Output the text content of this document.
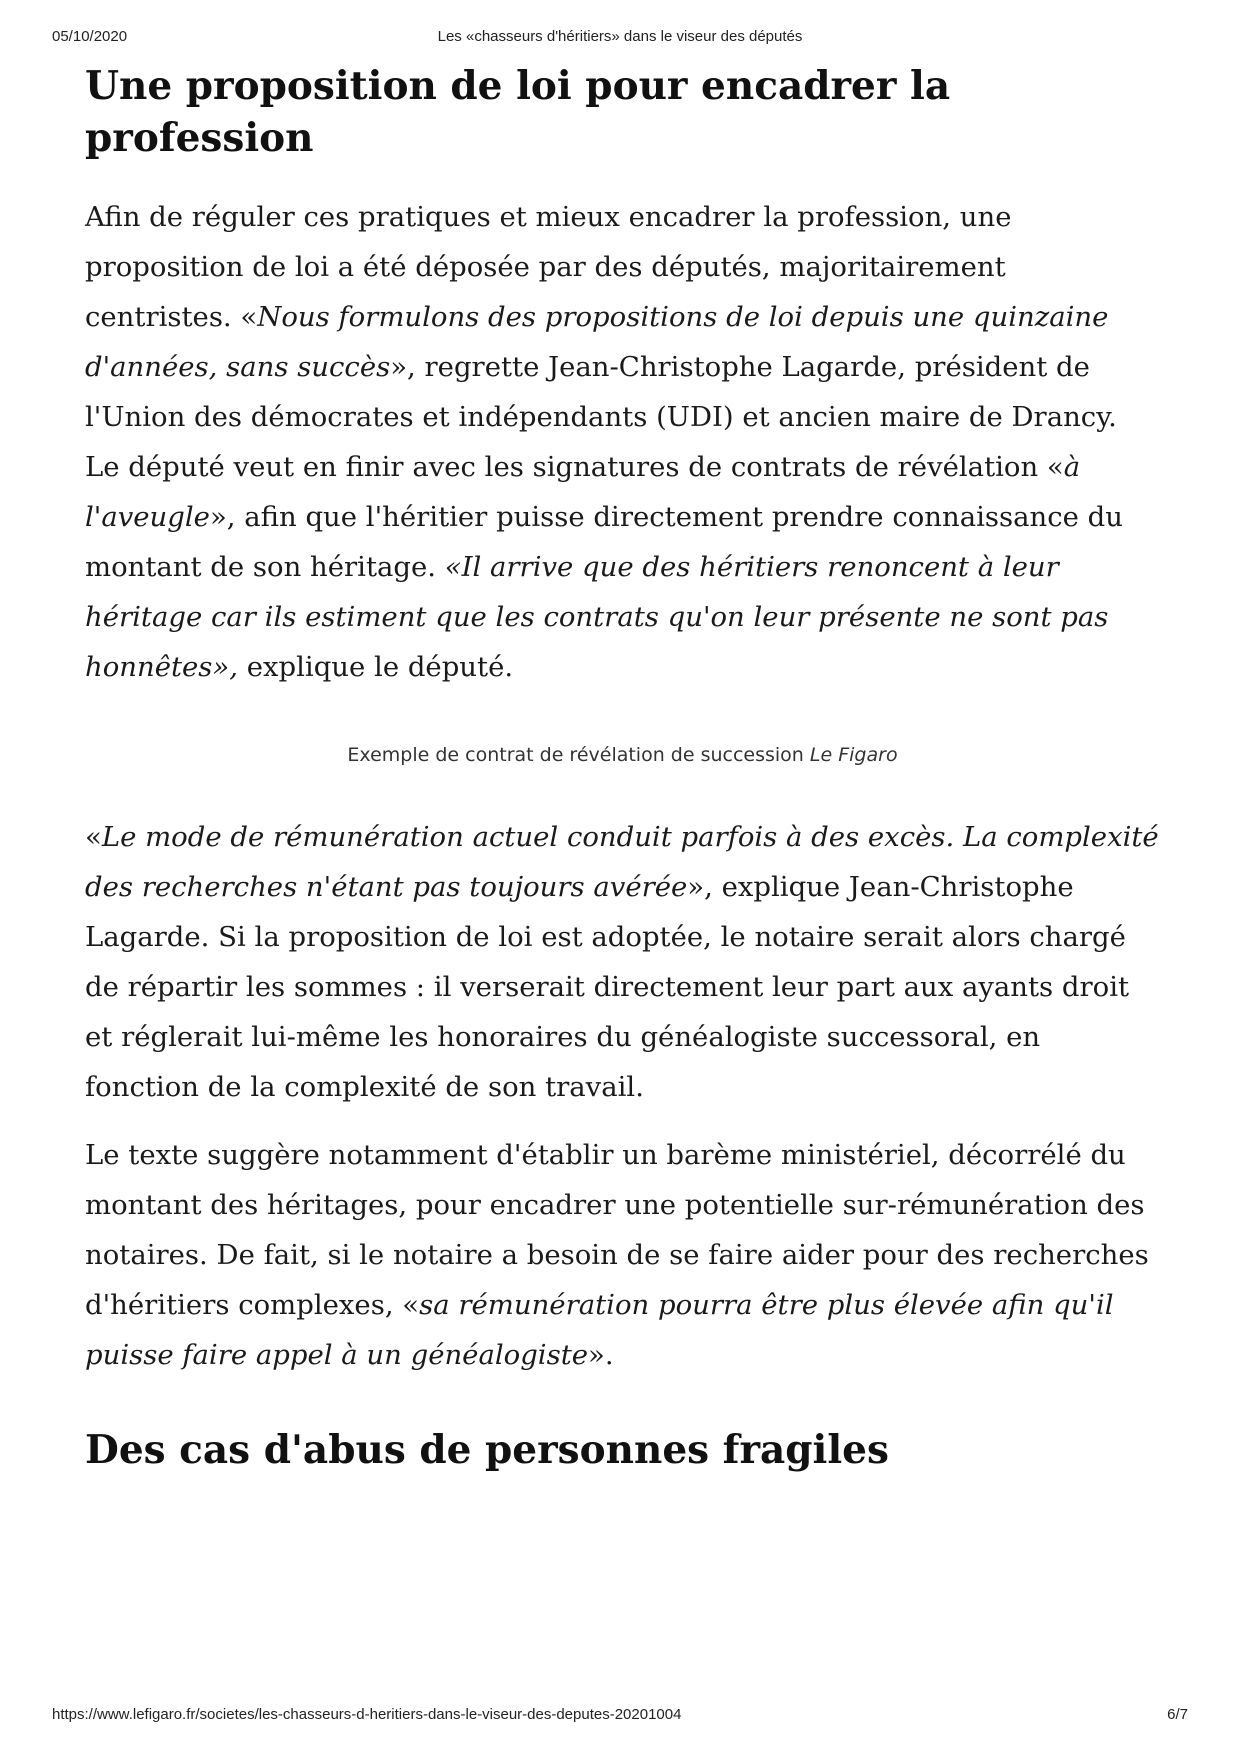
05/10/2020	Les «chasseurs d'héritiers» dans le viseur des députés
Une proposition de loi pour encadrer la profession

Afin de réguler ces pratiques et mieux encadrer la profession, une proposition de loi a été déposée par des députés, majoritairement centristes. «Nous formulons des propositions de loi depuis une quinzaine d'années, sans succès», regrette Jean-Christophe Lagarde, président de l'Union des démocrates et indépendants (UDI) et ancien maire de Drancy. Le député veut en finir avec les signatures de contrats de révélation «à l'aveugle», afin que l'héritier puisse directement prendre connaissance du montant de son héritage. «Il arrive que des héritiers renoncent à leur héritage car ils estiment que les contrats qu'on leur présente ne sont pas honnêtes», explique le député.

Exemple de contrat de révélation de succession Le Figaro

«Le mode de rémunération actuel conduit parfois à des excès. La complexité des recherches n'étant pas toujours avérée», explique Jean-Christophe Lagarde. Si la proposition de loi est adoptée, le notaire serait alors chargé de répartir les sommes : il verserait directement leur part aux ayants droit et réglerait lui-même les honoraires du généalogiste successoral, en fonction de la complexité de son travail.

Le texte suggère notamment d'établir un barème ministériel, décorrélé du montant des héritages, pour encadrer une potentielle sur-rémunération des notaires. De fait, si le notaire a besoin de se faire aider pour des recherches d'héritiers complexes, «sa rémunération pourra être plus élevée afin qu'il puisse faire appel à un généalogiste».

Des cas d'abus de personnes fragiles
https://www.lefigaro.fr/societes/les-chasseurs-d-heritiers-dans-le-viseur-des-deputes-20201004	6/7
